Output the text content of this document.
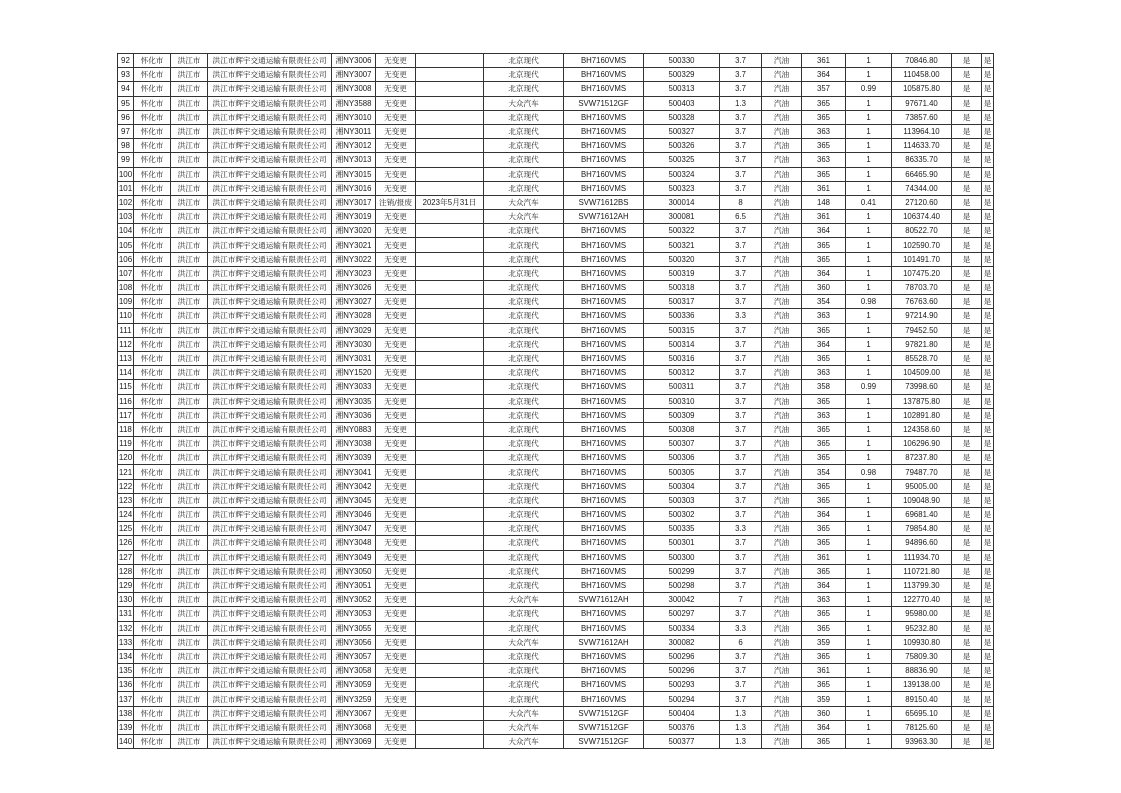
92	怀化市	洪江市	洪江市辉宇交通运输有限责任公司	湘NY3006	无变更		北京现代	BH7160VMS	500330	3.7	汽油	361	1	70846.80	是	是
93	怀化市	洪江市	洪江市辉宇交通运输有限责任公司	湘NY3007	无变更		北京现代	BH7160VMS	500329	3.7	汽油	364	1	110458.00	是	是
94	怀化市	洪江市	洪江市辉宇交通运输有限责任公司	湘NY3008	无变更		北京现代	BH7160VMS	500313	3.7	汽油	357	0.99	105875.80	是	是
95	怀化市	洪江市	洪江市辉宇交通运输有限责任公司	湘NY3588	无变更		大众汽车	SVW71512GF	500403	1.3	汽油	365	1	97671.40	是	是
96	怀化市	洪江市	洪江市辉宇交通运输有限责任公司	湘NY3010	无变更		北京现代	BH7160VMS	500328	3.7	汽油	365	1	73857.60	是	是
97	怀化市	洪江市	洪江市辉宇交通运输有限责任公司	湘NY3011	无变更		北京现代	BH7160VMS	500327	3.7	汽油	363	1	113964.10	是	是
98	怀化市	洪江市	洪江市辉宇交通运输有限责任公司	湘NY3012	无变更		北京现代	BH7160VMS	500326	3.7	汽油	365	1	114633.70	是	是
99	怀化市	洪江市	洪江市辉宇交通运输有限责任公司	湘NY3013	无变更		北京现代	BH7160VMS	500325	3.7	汽油	363	1	86335.70	是	是
100	怀化市	洪江市	洪江市辉宇交通运输有限责任公司	湘NY3015	无变更		北京现代	BH7160VMS	500324	3.7	汽油	365	1	66465.90	是	是
101	怀化市	洪江市	洪江市辉宇交通运输有限责任公司	湘NY3016	无变更		北京现代	BH7160VMS	500323	3.7	汽油	361	1	74344.00	是	是
102	怀化市	洪江市	洪江市辉宇交通运输有限责任公司	湘NY3017	注销/报废	2023年5月31日	大众汽车	SVW71612BS	300014	8	汽油	148	0.41	27120.60	是	是
103	怀化市	洪江市	洪江市辉宇交通运输有限责任公司	湘NY3019	无变更		大众汽车	SVW71612AH	300081	6.5	汽油	361	1	106374.40	是	是
104	怀化市	洪江市	洪江市辉宇交通运输有限责任公司	湘NY3020	无变更		北京现代	BH7160VMS	500322	3.7	汽油	364	1	80522.70	是	是
105	怀化市	洪江市	洪江市辉宇交通运输有限责任公司	湘NY3021	无变更		北京现代	BH7160VMS	500321	3.7	汽油	365	1	102590.70	是	是
106	怀化市	洪江市	洪江市辉宇交通运输有限责任公司	湘NY3022	无变更		北京现代	BH7160VMS	500320	3.7	汽油	365	1	101491.70	是	是
107	怀化市	洪江市	洪江市辉宇交通运输有限责任公司	湘NY3023	无变更		北京现代	BH7160VMS	500319	3.7	汽油	364	1	107475.20	是	是
108	怀化市	洪江市	洪江市辉宇交通运输有限责任公司	湘NY3026	无变更		北京现代	BH7160VMS	500318	3.7	汽油	360	1	78703.70	是	是
109	怀化市	洪江市	洪江市辉宇交通运输有限责任公司	湘NY3027	无变更		北京现代	BH7160VMS	500317	3.7	汽油	354	0.98	76763.60	是	是
110	怀化市	洪江市	洪江市辉宇交通运输有限责任公司	湘NY3028	无变更		北京现代	BH7160VMS	500336	3.3	汽油	363	1	97214.90	是	是
111	怀化市	洪江市	洪江市辉宇交通运输有限责任公司	湘NY3029	无变更		北京现代	BH7160VMS	500315	3.7	汽油	365	1	79452.50	是	是
112	怀化市	洪江市	洪江市辉宇交通运输有限责任公司	湘NY3030	无变更		北京现代	BH7160VMS	500314	3.7	汽油	364	1	97821.80	是	是
113	怀化市	洪江市	洪江市辉宇交通运输有限责任公司	湘NY3031	无变更		北京现代	BH7160VMS	500316	3.7	汽油	365	1	85528.70	是	是
114	怀化市	洪江市	洪江市辉宇交通运输有限责任公司	湘NY1520	无变更		北京现代	BH7160VMS	500312	3.7	汽油	363	1	104509.00	是	是
115	怀化市	洪江市	洪江市辉宇交通运输有限责任公司	湘NY3033	无变更		北京现代	BH7160VMS	500311	3.7	汽油	358	0.99	73998.60	是	是
116	怀化市	洪江市	洪江市辉宇交通运输有限责任公司	湘NY3035	无变更		北京现代	BH7160VMS	500310	3.7	汽油	365	1	137875.80	是	是
117	怀化市	洪江市	洪江市辉宇交通运输有限责任公司	湘NY3036	无变更		北京现代	BH7160VMS	500309	3.7	汽油	363	1	102891.80	是	是
118	怀化市	洪江市	洪江市辉宇交通运输有限责任公司	湘NY0883	无变更		北京现代	BH7160VMS	500308	3.7	汽油	365	1	124358.60	是	是
119	怀化市	洪江市	洪江市辉宇交通运输有限责任公司	湘NY3038	无变更		北京现代	BH7160VMS	500307	3.7	汽油	365	1	106296.90	是	是
120	怀化市	洪江市	洪江市辉宇交通运输有限责任公司	湘NY3039	无变更		北京现代	BH7160VMS	500306	3.7	汽油	365	1	87237.80	是	是
121	怀化市	洪江市	洪江市辉宇交通运输有限责任公司	湘NY3041	无变更		北京现代	BH7160VMS	500305	3.7	汽油	354	0.98	79487.70	是	是
122	怀化市	洪江市	洪江市辉宇交通运输有限责任公司	湘NY3042	无变更		北京现代	BH7160VMS	500304	3.7	汽油	365	1	95005.00	是	是
123	怀化市	洪江市	洪江市辉宇交通运输有限责任公司	湘NY3045	无变更		北京现代	BH7160VMS	500303	3.7	汽油	365	1	109048.90	是	是
124	怀化市	洪江市	洪江市辉宇交通运输有限责任公司	湘NY3046	无变更		北京现代	BH7160VMS	500302	3.7	汽油	364	1	69681.40	是	是
125	怀化市	洪江市	洪江市辉宇交通运输有限责任公司	湘NY3047	无变更		北京现代	BH7160VMS	500335	3.3	汽油	365	1	79854.80	是	是
126	怀化市	洪江市	洪江市辉宇交通运输有限责任公司	湘NY3048	无变更		北京现代	BH7160VMS	500301	3.7	汽油	365	1	94896.60	是	是
127	怀化市	洪江市	洪江市辉宇交通运输有限责任公司	湘NY3049	无变更		北京现代	BH7160VMS	500300	3.7	汽油	361	1	111934.70	是	是
128	怀化市	洪江市	洪江市辉宇交通运输有限责任公司	湘NY3050	无变更		北京现代	BH7160VMS	500299	3.7	汽油	365	1	110721.80	是	是
129	怀化市	洪江市	洪江市辉宇交通运输有限责任公司	湘NY3051	无变更		北京现代	BH7160VMS	500298	3.7	汽油	364	1	113799.30	是	是
130	怀化市	洪江市	洪江市辉宇交通运输有限责任公司	湘NY3052	无变更		大众汽车	SVW71612AH	300042	7	汽油	363	1	122770.40	是	是
131	怀化市	洪江市	洪江市辉宇交通运输有限责任公司	湘NY3053	无变更		北京现代	BH7160VMS	500297	3.7	汽油	365	1	95980.00	是	是
132	怀化市	洪江市	洪江市辉宇交通运输有限责任公司	湘NY3055	无变更		北京现代	BH7160VMS	500334	3.3	汽油	365	1	95232.80	是	是
133	怀化市	洪江市	洪江市辉宇交通运输有限责任公司	湘NY3056	无变更		大众汽车	SVW71612AH	300082	6	汽油	359	1	109930.80	是	是
134	怀化市	洪江市	洪江市辉宇交通运输有限责任公司	湘NY3057	无变更		北京现代	BH7160VMS	500296	3.7	汽油	365	1	75809.30	是	是
135	怀化市	洪江市	洪江市辉宇交通运输有限责任公司	湘NY3058	无变更		北京现代	BH7160VMS	500296	3.7	汽油	361	1	88836.90	是	是
136	怀化市	洪江市	洪江市辉宇交通运输有限责任公司	湘NY3059	无变更		北京现代	BH7160VMS	500293	3.7	汽油	365	1	139138.00	是	是
137	怀化市	洪江市	洪江市辉宇交通运输有限责任公司	湘NY3259	无变更		北京现代	BH7160VMS	500294	3.7	汽油	359	1	89150.40	是	是
138	怀化市	洪江市	洪江市辉宇交通运输有限责任公司	湘NY3067	无变更		大众汽车	SVW71512GF	500404	1.3	汽油	360	1	65695.10	是	是
139	怀化市	洪江市	洪江市辉宇交通运输有限责任公司	湘NY3068	无变更		大众汽车	SVW71512GF	500376	1.3	汽油	364	1	78125.60	是	是
140	怀化市	洪江市	洪江市辉宇交通运输有限责任公司	湘NY3069	无变更		大众汽车	SVW71512GF	500377	1.3	汽油	365	1	93963.30	是	是
